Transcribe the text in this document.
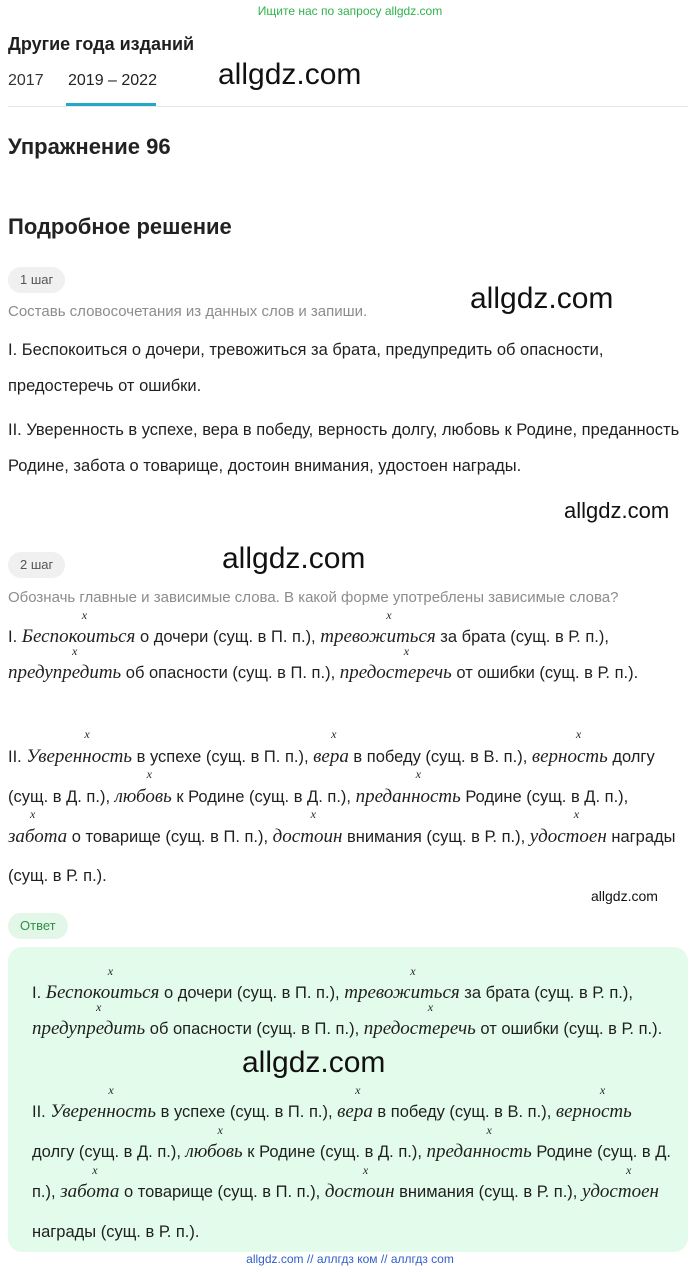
Ищите нас по запросу allgdz.com
Другие года изданий
2017 2019 – 2022 allgdz.com
allgdz.com
allgdz.com
allgdz.com
allgdz.com
Упражнение 96
Подробное решение
1 шаг
Составь словосочетания из данных слов и запиши.
I. Беспокоиться о дочери, тревожиться за брата, предупредить об опасности, предостеречь от ошибки.
II. Уверенность в успехе, вера в победу, верность долгу, любовь к Родине, преданность Родине, забота о товарище, достоин внимания, удостоен награды.
2 шаг
Обозначь главные и зависимые слова. В какой форме употреблены зависимые слова?
I. Беспокоиться
x
о дочери (сущ. в П. п.), тревожиться
x
за брата (сущ. в Р. п.), предупредить
x
об опасности (сущ. в П. п.), предостеречь
x
от ошибки (сущ. в Р. п.).
II. Уверенность
x
в успехе (сущ. в П. п.), вера
x
в победу (сущ. в В. п.), верность
x
долгу (сущ. в Д. п.), любовь
x
к Родине (сущ. в Д. п.), преданность
x
Родине (сущ. в Д. п.), забота
x
о товарище (сущ. в П. п.), достоин
x
внимания (сущ. в Р. п.), удостоен
x
награды (сущ. в Р. п.).
Ответ
I. Беспокоиться
x
о дочери (сущ. в П. п.), тревожиться
x
за брата (сущ. в Р. п.), предупредить
x
об опасности (сущ. в П. п.), предостеречь
x
от ошибки (сущ. в Р. п.).
allgdz.com
II. Уверенность
x
в успехе (сущ. в П. п.), вера
x
в победу (сущ. в В. п.), верность
x
долгу (сущ. в Д. п.), любовь
x
к Родине (сущ. в Д. п.), преданность
x
Родине (сущ. в Д. п.), забота
x
о товарище (сущ. в П. п.), достоин
x
внимания (сущ. в Р. п.), удостоен
x
награды (сущ. в Р. п.).
allgdz.com // аллгдз ком // аллгдз com
